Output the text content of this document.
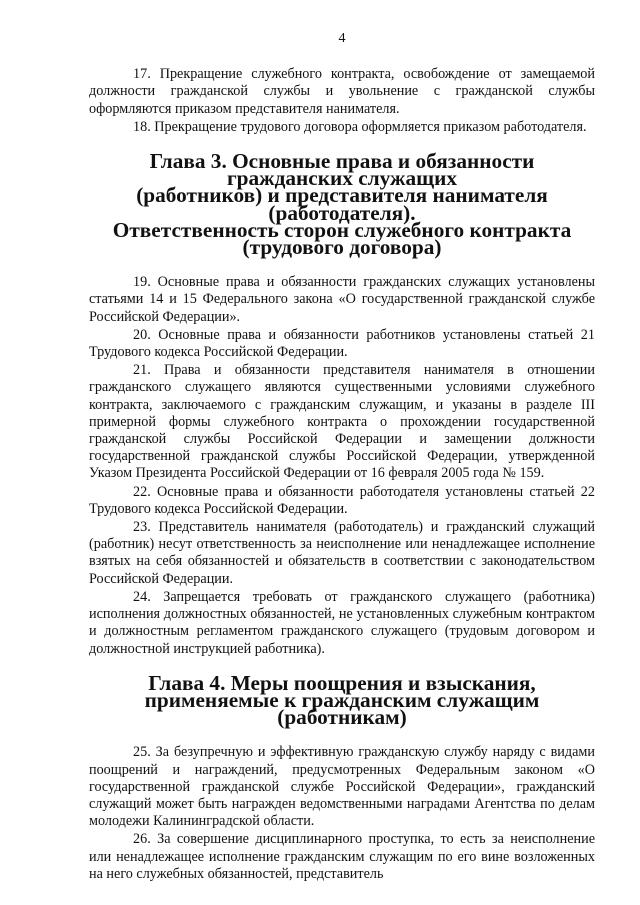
4

17. Прекращение служебного контракта, освобождение от замещаемой должности гражданской службы и увольнение с гражданской службы оформляются приказом представителя нанимателя.

18. Прекращение трудового договора оформляется приказом работодателя.

Глава 3. Основные права и обязанности гражданских служащих
(работников) и представителя нанимателя (работодателя).
Ответственность сторон служебного контракта (трудового договора)

19. Основные права и обязанности гражданских служащих установлены статьями 14 и 15 Федерального закона «О государственной гражданской службе Российской Федерации».

20. Основные права и обязанности работников установлены статьей 21 Трудового кодекса Российской Федерации.

21. Права и обязанности представителя нанимателя в отношении гражданского служащего являются существенными условиями служебного контракта, заключаемого с гражданским служащим, и указаны в разделе III примерной формы служебного контракта о прохождении государственной гражданской службы Российской Федерации и замещении должности государственной гражданской службы Российской Федерации, утвержденной Указом Президента Российской Федерации от 16 февраля 2005 года № 159.

22. Основные права и обязанности работодателя установлены статьей 22 Трудового кодекса Российской Федерации.

23. Представитель нанимателя (работодатель) и гражданский служащий (работник) несут ответственность за неисполнение или ненадлежащее исполнение взятых на себя обязанностей и обязательств в соответствии с законодательством Российской Федерации.

24. Запрещается требовать от гражданского служащего (работника) исполнения должностных обязанностей, не установленных служебным контрактом и должностным регламентом гражданского служащего (трудовым договором и должностной инструкцией работника).

Глава 4. Меры поощрения и взыскания,
применяемые к гражданским служащим (работникам)

25. За безупречную и эффективную гражданскую службу наряду с видами поощрений и награждений, предусмотренных Федеральным законом «О государственной гражданской службе Российской Федерации», гражданский служащий может быть награжден ведомственными наградами Агентства по делам молодежи Калининградской области.

26. За совершение дисциплинарного проступка, то есть за неисполнение или ненадлежащее исполнение гражданским служащим по его вине возложенных на него служебных обязанностей, представитель
